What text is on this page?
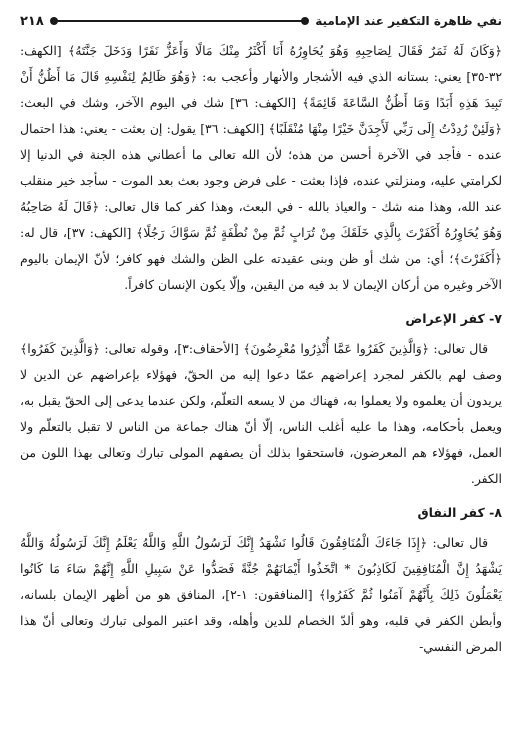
٢١٨	نفي ظاهرة التكفير عند الإمامية

﴿وَكَانَ لَهُ ثَمَرٌ فَقَالَ لِصَاحِبِهِ وَهُوَ يُحَاوِرُهُ أَنَا أَكْثَرُ مِنْكَ مَالًا وَأَعَزُّ نَفَرًا وَدَخَلَ جَنَّتَهُ﴾ [الكهف: ٣٢-٣٥] يعني: بستانه الذي فيه الأشجار والأنهار وأعجب به: ﴿وَهُوَ ظَالِمٌ لِنَفْسِهِ قَالَ مَا أَظُنُّ أَنْ تَبِيدَ هَذِهِ أَبَدًا وَمَا أَظُنُّ السَّاعَةَ قَائِمَةً﴾ [الكهف: ٣٦] شك في اليوم الآخر، وشك في البعث: ﴿وَلَئِنْ رُدِدْتُ إِلَى رَبِّي لَأَجِدَنَّ خَيْرًا مِنْهَا مُنْقَلَبًا﴾ [الكهف: ٣٦] يقول: إن بعثت - يعني: هذا احتمال عنده - فأجد في الآخرة أحسن من هذه؛ لأن الله تعالى ما أعطاني هذه الجنة في الدنيا إلا لكرامتي عليه، ومنزلتي عنده، فإذا بعثت - على فرض وجود بعث بعد الموت - سأجد خير منقلب عند الله، وهذا منه شك - والعياذ بالله - في البعث، وهذا كفر كما قال تعالى: ﴿قَالَ لَهُ صَاحِبُهُ وَهُوَ يُحَاوِرُهُ أَكَفَرْتَ بِالَّذِي خَلَقَكَ مِنْ تُرَابٍ ثُمَّ مِنْ نُطْفَةٍ ثُمَّ سَوَّاكَ رَجُلًا﴾ [الكهف: ٣٧]، قال له: ﴿أَكَفَرْتَ﴾؛ أي: من شك أو ظن وبنى عقيدته على الظن والشك فهو كافر؛ لأنّ الإيمان باليوم الآخر وغيره من أركان الإيمان لا بد فيه من اليقين، وإلّا يكون الإنسان كافراً.

٧- كفر الإعراض

قال تعالى: ﴿وَالَّذِينَ كَفَرُوا عَمَّا أُنْذِرُوا مُعْرِضُونَ﴾ [الأحقاف:٣]، وقوله تعالى: ﴿وَالَّذِينَ كَفَرُوا﴾ وصف لهم بالكفر لمجرد إعراضهم عمّا دعوا إليه من الحقّ، فهؤلاء بإعراضهم عن الدين لا يريدون أن يعلموه ولا يعملوا به، فهناك من لا يسعه التعلّم، ولكن عندما يدعى إلى الحقّ يقبل به، ويعمل بأحكامه، وهذا ما عليه أغلب الناس، إلّا أنّ هناك جماعة من الناس لا تقبل بالتعلّم ولا العمل، فهؤلاء هم المعرضون، فاستحقوا بذلك أن يصفهم المولى تبارك وتعالى بهذا اللون من الكفر.

٨- كفر النفاق

قال تعالى: ﴿إِذَا جَاءَكَ الْمُنَافِقُونَ قَالُوا نَشْهَدُ إِنَّكَ لَرَسُولُ اللَّهِ وَاللَّهُ يَعْلَمُ إِنَّكَ لَرَسُولُهُ وَاللَّهُ يَشْهَدُ إِنَّ الْمُنَافِقِينَ لَكَاذِبُونَ * اتَّخَذُوا أَيْمَانَهُمْ جُنَّةً فَصَدُّوا عَنْ سَبِيلِ اللَّهِ إِنَّهُمْ سَاءَ مَا كَانُوا يَعْمَلُونَ ذَلِكَ بِأَنَّهُمْ آمَنُوا ثُمَّ كَفَرُوا﴾ [المنافقون: ١-٢]، المنافق هو من أظهر الإيمان بلسانه، وأبطن الكفر في قلبه، وهو ألدّ الخصام للدين وأهله، وقد اعتبر المولى تبارك وتعالى أنّ هذا المرض النفسي-
